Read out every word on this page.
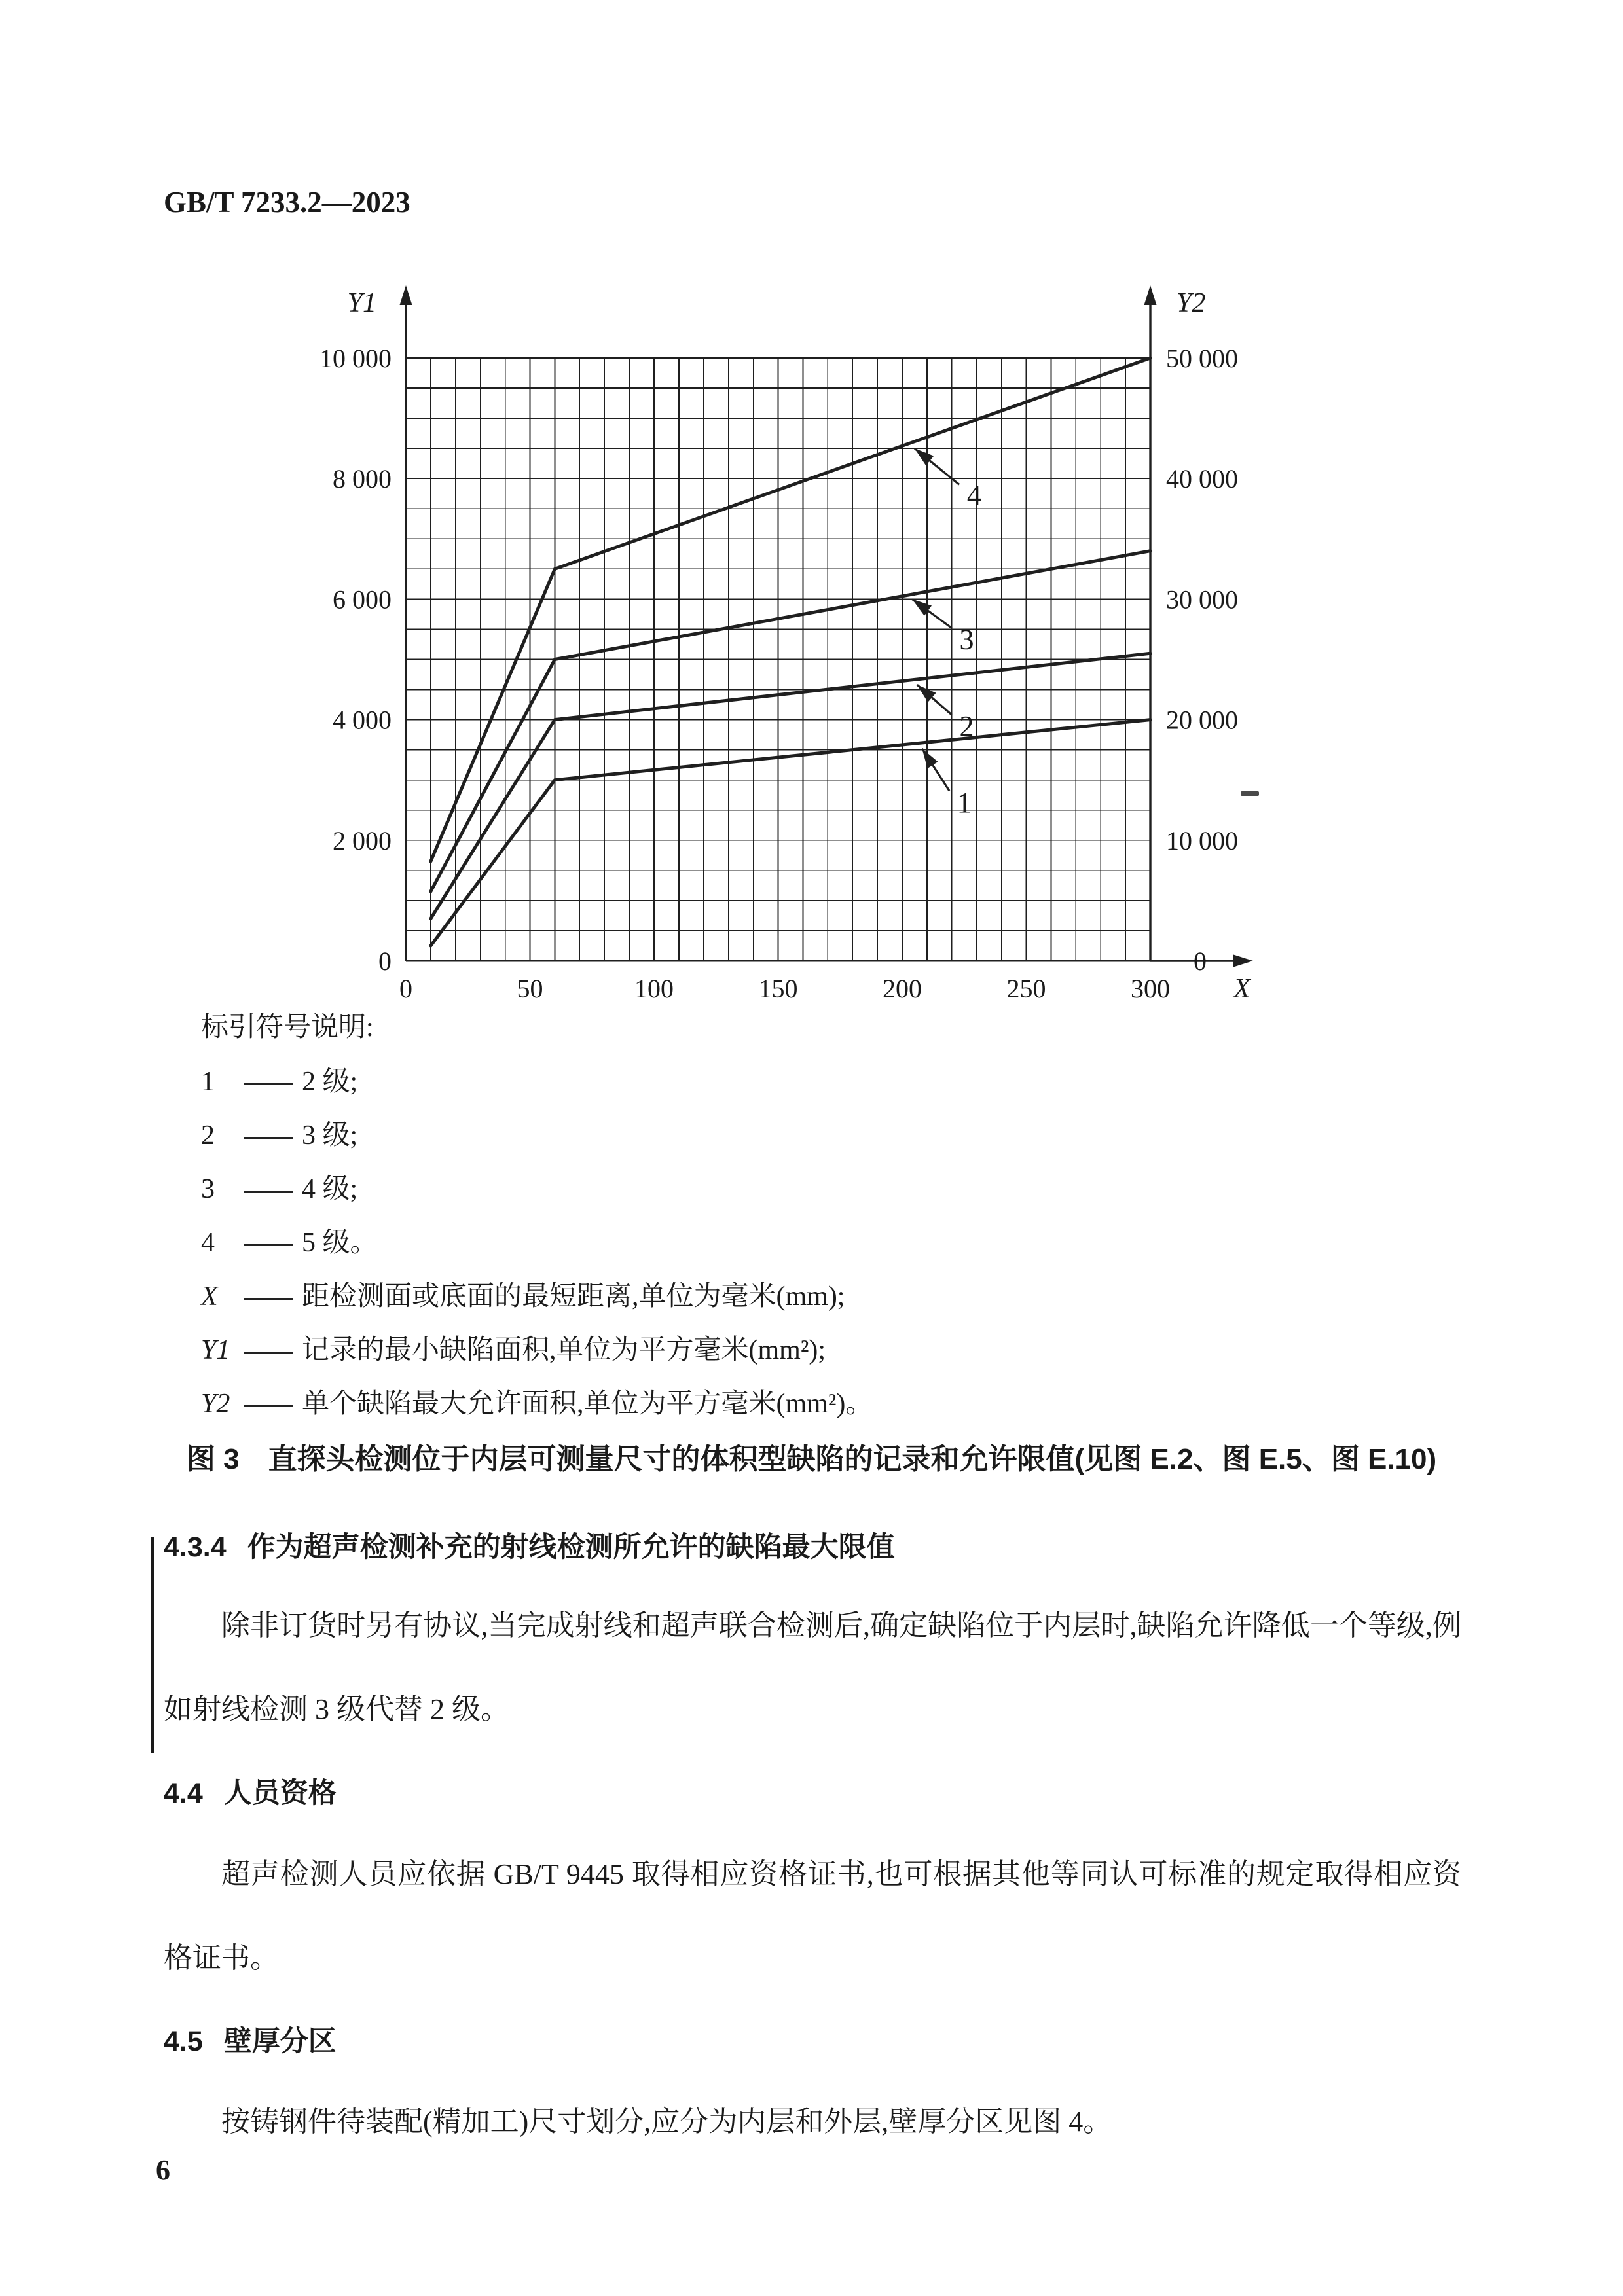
GB/T 7233.2—2023
Y1	Y2
X
0
2 000
4 000
6 000
8 000
10 000
0	50	100	150	200	250	300
0
10 000
20 000
30 000
40 000
50 000
1
2
3
4
标引符号说明:
1	2 级;
2	3 级;
3	4 级;
4	5 级。
X	距检测面或底面的最短距离,单位为毫米(mm);
Y1	记录的最小缺陷面积,单位为平方毫米(mm²);
Y2	单个缺陷最大允许面积,单位为平方毫米(mm²)。
图 3　直探头检测位于内层可测量尺寸的体积型缺陷的记录和允许限值(见图 E.2、图 E.5、图 E.10)
4.3.4 作为超声检测补充的射线检测所允许的缺陷最大限值
除非订货时另有协议,当完成射线和超声联合检测后,确定缺陷位于内层时,缺陷允许降低一个等级,例如射线检测 3 级代替 2 级。
4.4 人员资格
超声检测人员应依据 GB/T 9445 取得相应资格证书,也可根据其他等同认可标准的规定取得相应资格证书。
4.5 壁厚分区
按铸钢件待装配(精加工)尺寸划分,应分为内层和外层,壁厚分区见图 4。
6
